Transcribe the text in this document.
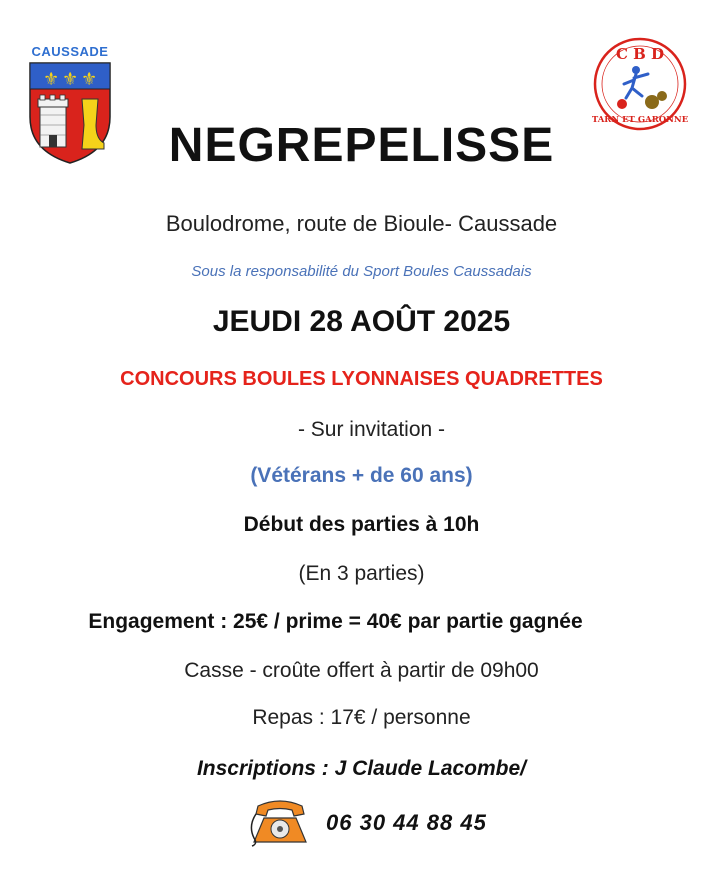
CAUSSADE
⚜ ⚜ ⚜
C B D
TARN ET GARONNE
NEGREPELISSE
Boulodrome, route de Bioule- Caussade
Sous la responsabilité du Sport Boules Caussadais
JEUDI 28 AOÛT 2025
CONCOURS BOULES LYONNAISES QUADRETTES
- Sur invitation -
(Vétérans + de 60 ans)
Début des parties à 10h
(En 3 parties)
Engagement : 25€ / prime = 40€ par partie gagnée
Casse - croûte offert à partir de 09h00
Repas : 17€ / personne
Inscriptions : J Claude Lacombe/
06 30 44 88 45
